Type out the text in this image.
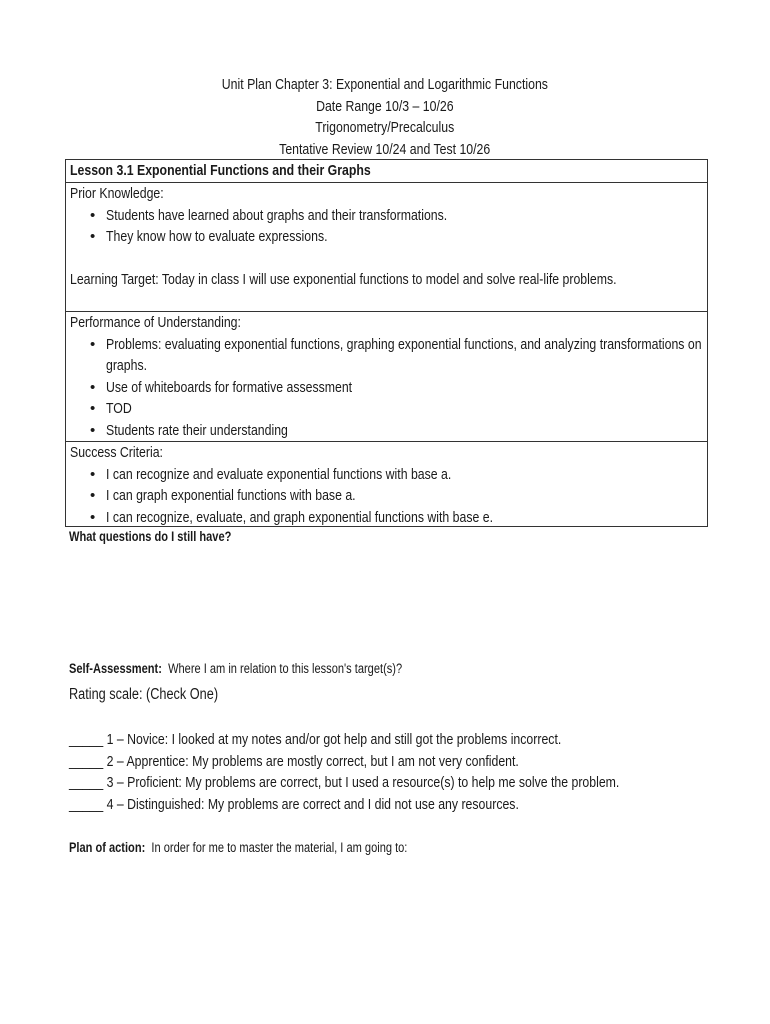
Unit Plan Chapter 3: Exponential and Logarithmic Functions
Date Range 10/3 – 10/26
Trigonometry/Precalculus
Tentative Review 10/24 and Test 10/26
Lesson 3.1 Exponential Functions and their Graphs
Prior Knowledge:
• Students have learned about graphs and their transformations.
• They know how to evaluate expressions.
Learning Target: Today in class I will use exponential functions to model and solve real-life problems.
Performance of Understanding:
• Problems: evaluating exponential functions, graphing exponential functions, and analyzing transformations on
graphs.
• Use of whiteboards for formative assessment
• TOD
• Students rate their understanding
Success Criteria:
• I can recognize and evaluate exponential functions with base a.
• I can graph exponential functions with base a.
• I can recognize, evaluate, and graph exponential functions with base e.
What questions do I still have?
Self-Assessment: Where I am in relation to this lesson's target(s)?
Rating scale: (Check One)
_____ 1 – Novice: I looked at my notes and/or got help and still got the problems incorrect.
_____ 2 – Apprentice: My problems are mostly correct, but I am not very confident.
_____ 3 – Proficient: My problems are correct, but I used a resource(s) to help me solve the problem.
_____ 4 – Distinguished: My problems are correct and I did not use any resources.
Plan of action: In order for me to master the material, I am going to:
